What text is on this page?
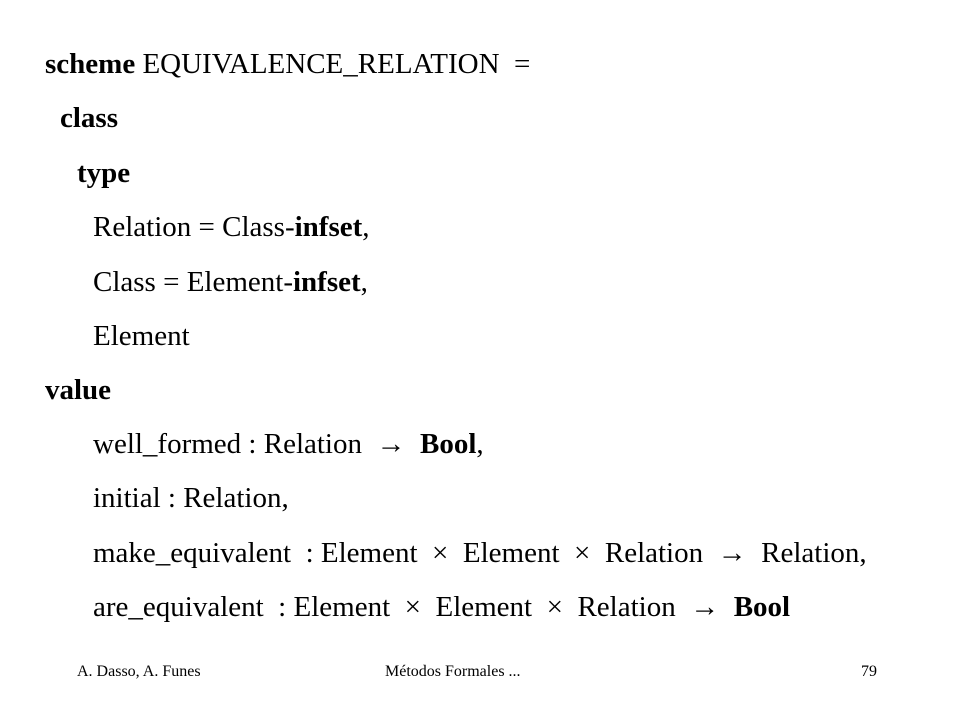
scheme EQUIVALENCE_RELATION  =
class
type
Relation = Class-infset,
Class = Element-infset,
Element
value
well_formed : Relation  →  Bool,
initial : Relation,
make_equivalent  : Element  ×  Element  ×  Relation  →  Relation,
are_equivalent  : Element  ×  Element  ×  Relation  →  Bool
A. Dasso, A. Funes	Métodos Formales ...	79
